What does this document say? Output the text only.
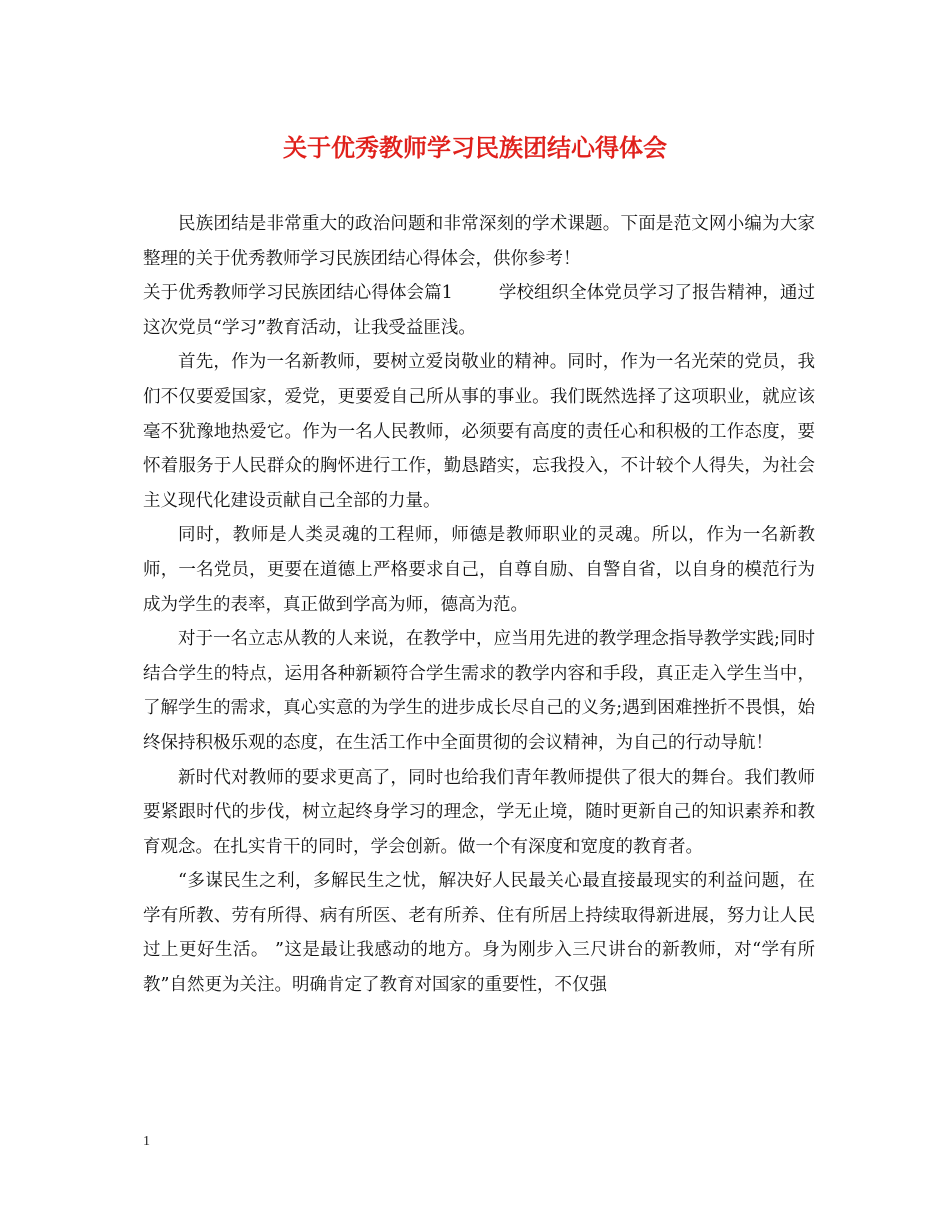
关于优秀教师学习民族团结心得体会

民族团结是非常重大的政治问题和非常深刻的学术课题。下面是范文网小编为大家整理的关于优秀教师学习民族团结心得体会，供你参考！

关于优秀教师学习民族团结心得体会篇1	学校组织全体党员学习了报告精神，通过这次党员“学习”教育活动，让我受益匪浅。

首先，作为一名新教师，要树立爱岗敬业的精神。同时，作为一名光荣的党员，我们不仅要爱国家，爱党，更要爱自己所从事的事业。我们既然选择了这项职业，就应该毫不犹豫地热爱它。作为一名人民教师，必须要有高度的责任心和积极的工作态度，要怀着服务于人民群众的胸怀进行工作，勤恳踏实，忘我投入，不计较个人得失，为社会主义现代化建设贡献自己全部的力量。

同时，教师是人类灵魂的工程师，师德是教师职业的灵魂。所以，作为一名新教师，一名党员，更要在道德上严格要求自己，自尊自励、自警自省，以自身的模范行为成为学生的表率，真正做到学高为师，德高为范。

对于一名立志从教的人来说，在教学中，应当用先进的教学理念指导教学实践;同时结合学生的特点，运用各种新颖符合学生需求的教学内容和手段，真正走入学生当中，了解学生的需求，真心实意的为学生的进步成长尽自己的义务;遇到困难挫折不畏惧，始终保持积极乐观的态度，在生活工作中全面贯彻的会议精神，为自己的行动导航！

新时代对教师的要求更高了，同时也给我们青年教师提供了很大的舞台。我们教师要紧跟时代的步伐，树立起终身学习的理念，学无止境，随时更新自己的知识素养和教育观念。在扎实肯干的同时，学会创新。做一个有深度和宽度的教育者。

“多谋民生之利，多解民生之忧，解决好人民最关心最直接最现实的利益问题，在学有所教、劳有所得、病有所医、老有所养、住有所居上持续取得新进展，努力让人民过上更好生活。 ”这是最让我感动的地方。身为刚步入三尺讲台的新教师，对“学有所教”自然更为关注。明确肯定了教育对国家的重要性，不仅强

1
